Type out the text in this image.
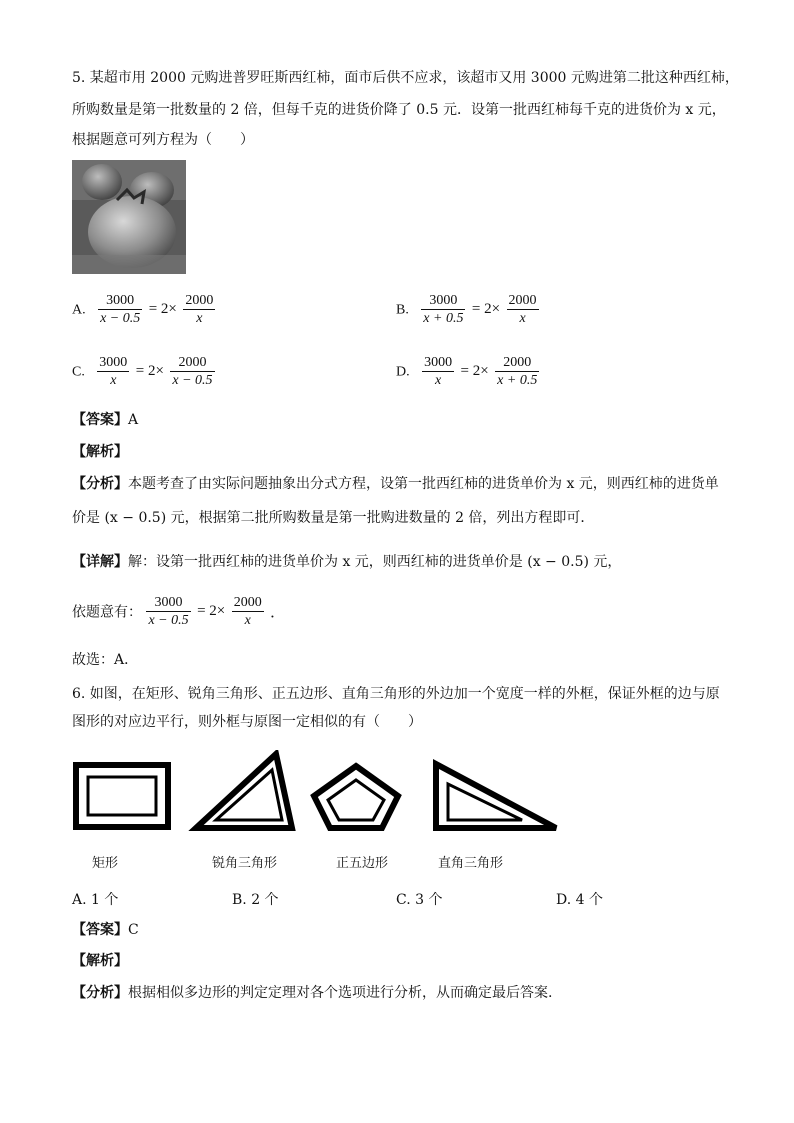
5. 某超市用 2000 元购进普罗旺斯西红柿，面市后供不应求，该超市又用 3000 元购进第二批这种西红柿，
所购数量是第一批数量的 2 倍，但每千克的进货价降了 0.5 元．设第一批西红柿每千克的进货价为 x 元，
根据题意可列方程为（　　）
A. $\frac{3000}{x - 0.5} = 2\times \frac{2000}{x}$	B. $\frac{3000}{x + 0.5} = 2\times \frac{2000}{x}$
C. $\frac{3000}{x} = 2\times \frac{2000}{x - 0.5}$	D. $\frac{3000}{x} = 2\times \frac{2000}{x + 0.5}$
【答案】A
【解析】
【分析】本题考查了由实际问题抽象出分式方程，设第一批西红柿的进货单价为 x 元，则西红柿的进货单
价是 (x − 0.5) 元，根据第二批所购数量是第一批购进数量的 2 倍，列出方程即可．
【详解】解：设第一批西红柿的进货单价为 x 元，则西红柿的进货单价是 (x − 0.5) 元，
依题意有： $\frac{3000}{x - 0.5} = 2\times \frac{2000}{x}$ ．
故选：A．
6. 如图，在矩形、锐角三角形、正五边形、直角三角形的外边加一个宽度一样的外框，保证外框的边与原
图形的对应边平行，则外框与原图一定相似的有（　　）
矩形	锐角三角形	正五边形	直角三角形
A. 1 个	B. 2 个	C. 3 个	D. 4 个
【答案】C
【解析】
【分析】根据相似多边形的判定定理对各个选项进行分析，从而确定最后答案.
